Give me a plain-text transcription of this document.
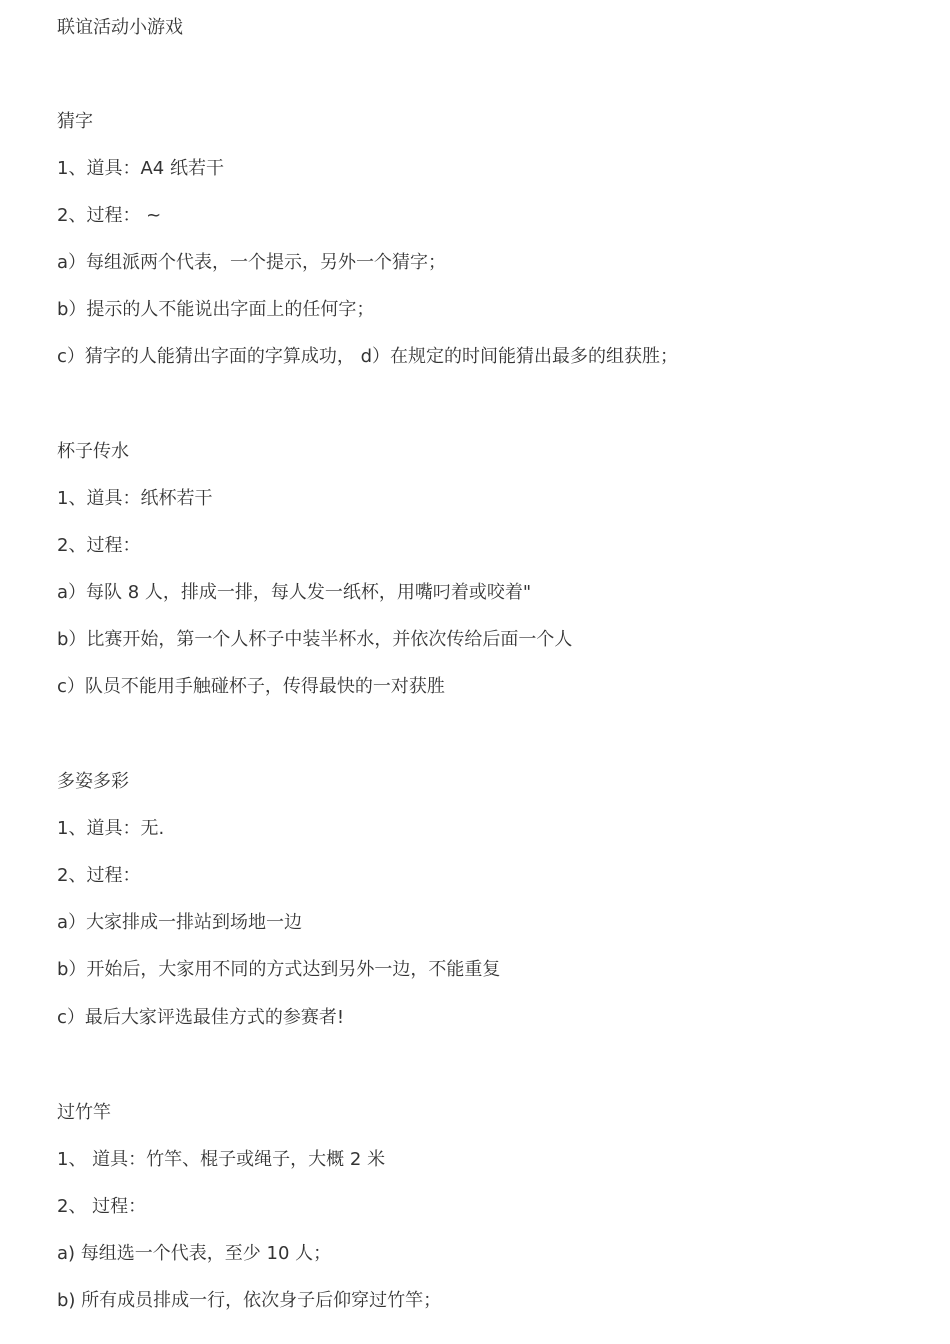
联谊活动小游戏
猜字
1、道具：A4 纸若干
2、过程： ~
a）每组派两个代表，一个提示，另外一个猜字；
b）提示的人不能说出字面上的任何字；
c）猜字的人能猜出字面的字算成功， d）在规定的时间能猜出最多的组获胜；
杯子传水
1、道具：纸杯若干
2、过程：
a）每队 8 人，排成一排，每人发一纸杯，用嘴叼着或咬着"
b）比赛开始，第一个人杯子中装半杯水，并依次传给后面一个人
c）队员不能用手触碰杯子，传得最快的一对获胜
多姿多彩
1、道具：无.
2、过程：
a）大家排成一排站到场地一边
b）开始后，大家用不同的方式达到另外一边，不能重复
c）最后大家评选最佳方式的参赛者!
过竹竿
1、 道具：竹竿、棍子或绳子，大概 2 米
2、 过程：
a) 每组选一个代表，至少 10 人；
b) 所有成员排成一行，依次身子后仰穿过竹竿；
